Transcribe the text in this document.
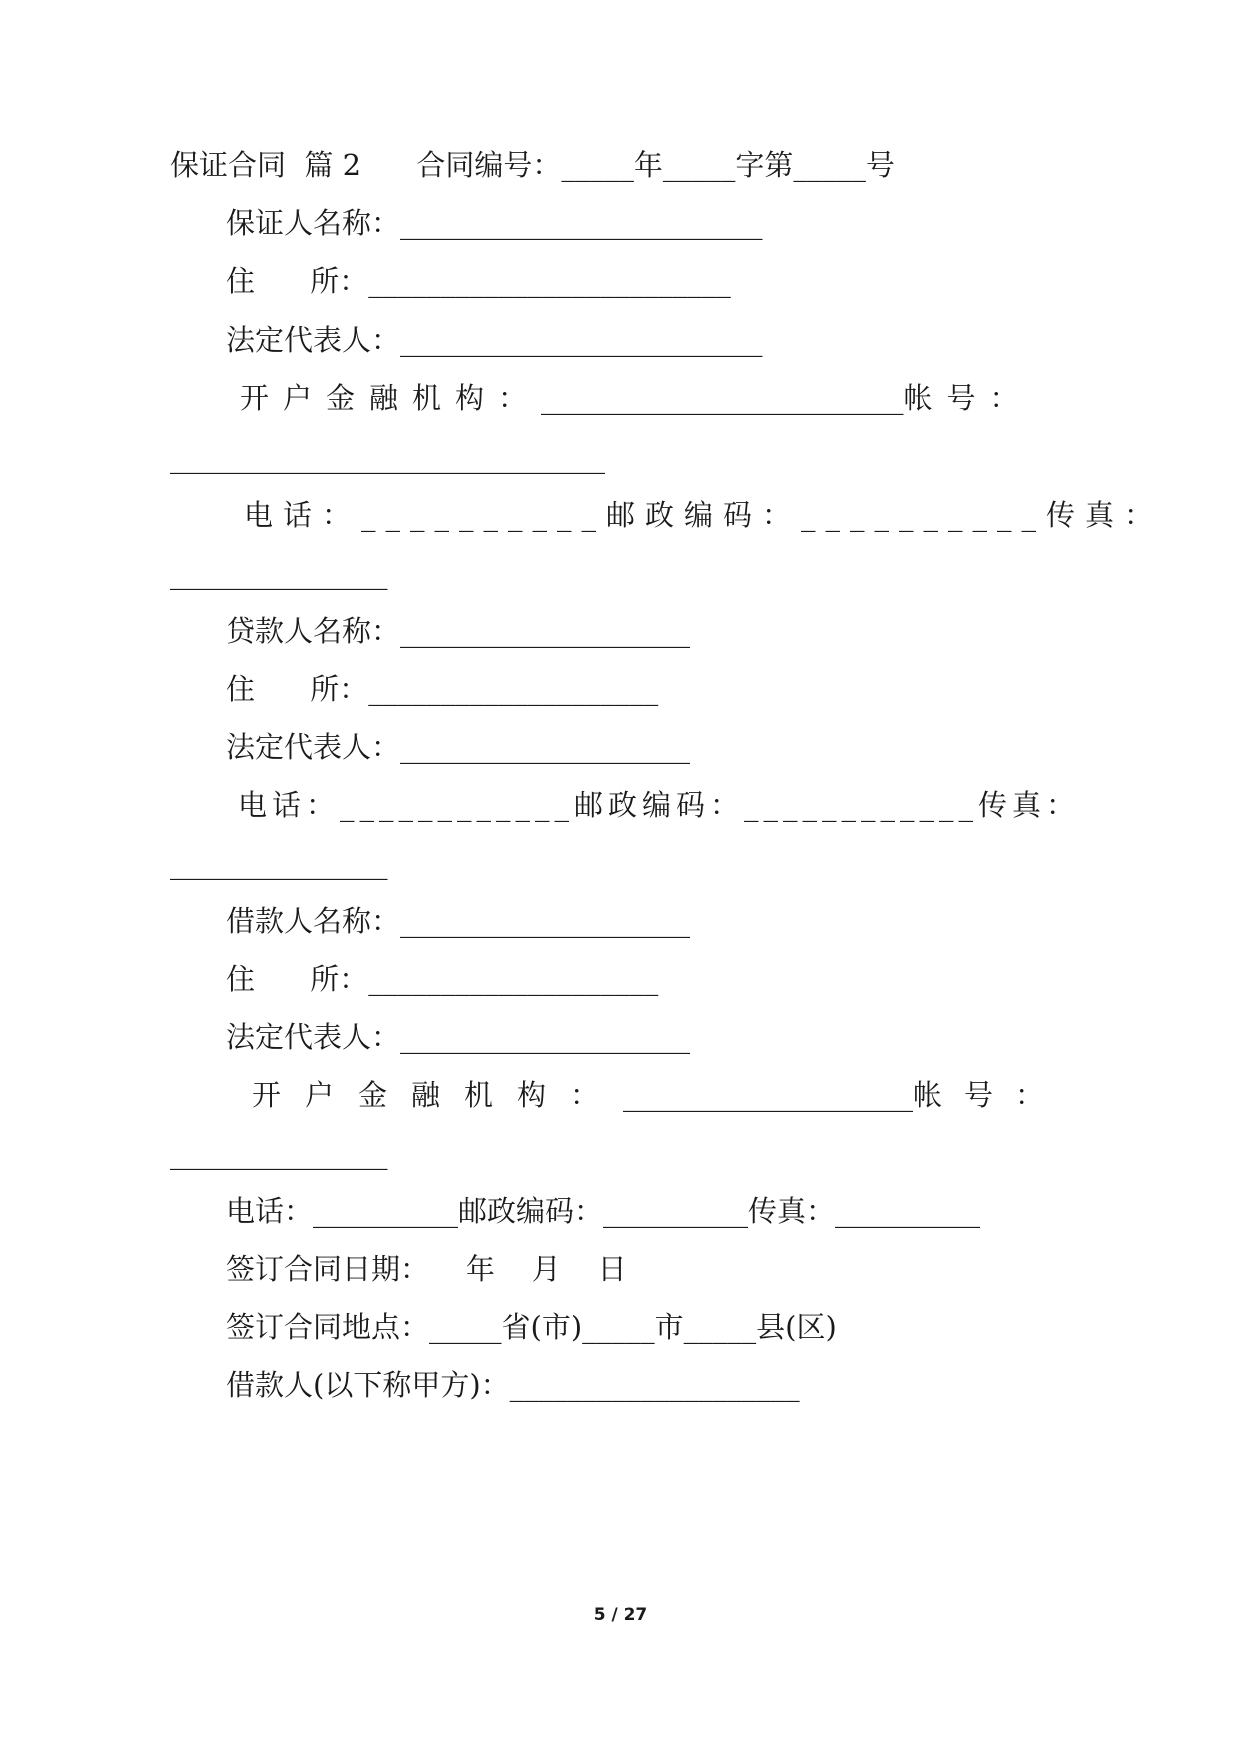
保证合同  篇 2      合同编号：_____年_____字第_____号
保证人名称：_________________________
住      所：_________________________
法定代表人：_________________________
开户金融机构： _________________________ 帐号：
______________________________
电话：__________邮政编码：__________传真：
_______________
贷款人名称：____________________
住      所：____________________
法定代表人：____________________
电话：____________邮政编码：____________传真：
_______________
借款人名称：____________________
住      所：____________________
法定代表人：____________________
开户金融机构： ____________________ 帐号：
_______________
电话：__________邮政编码：__________传真：__________
签订合同日期：    年    月    日
签订合同地点：_____省(市)_____市_____县(区)
借款人(以下称甲方)：____________________
5 / 27
